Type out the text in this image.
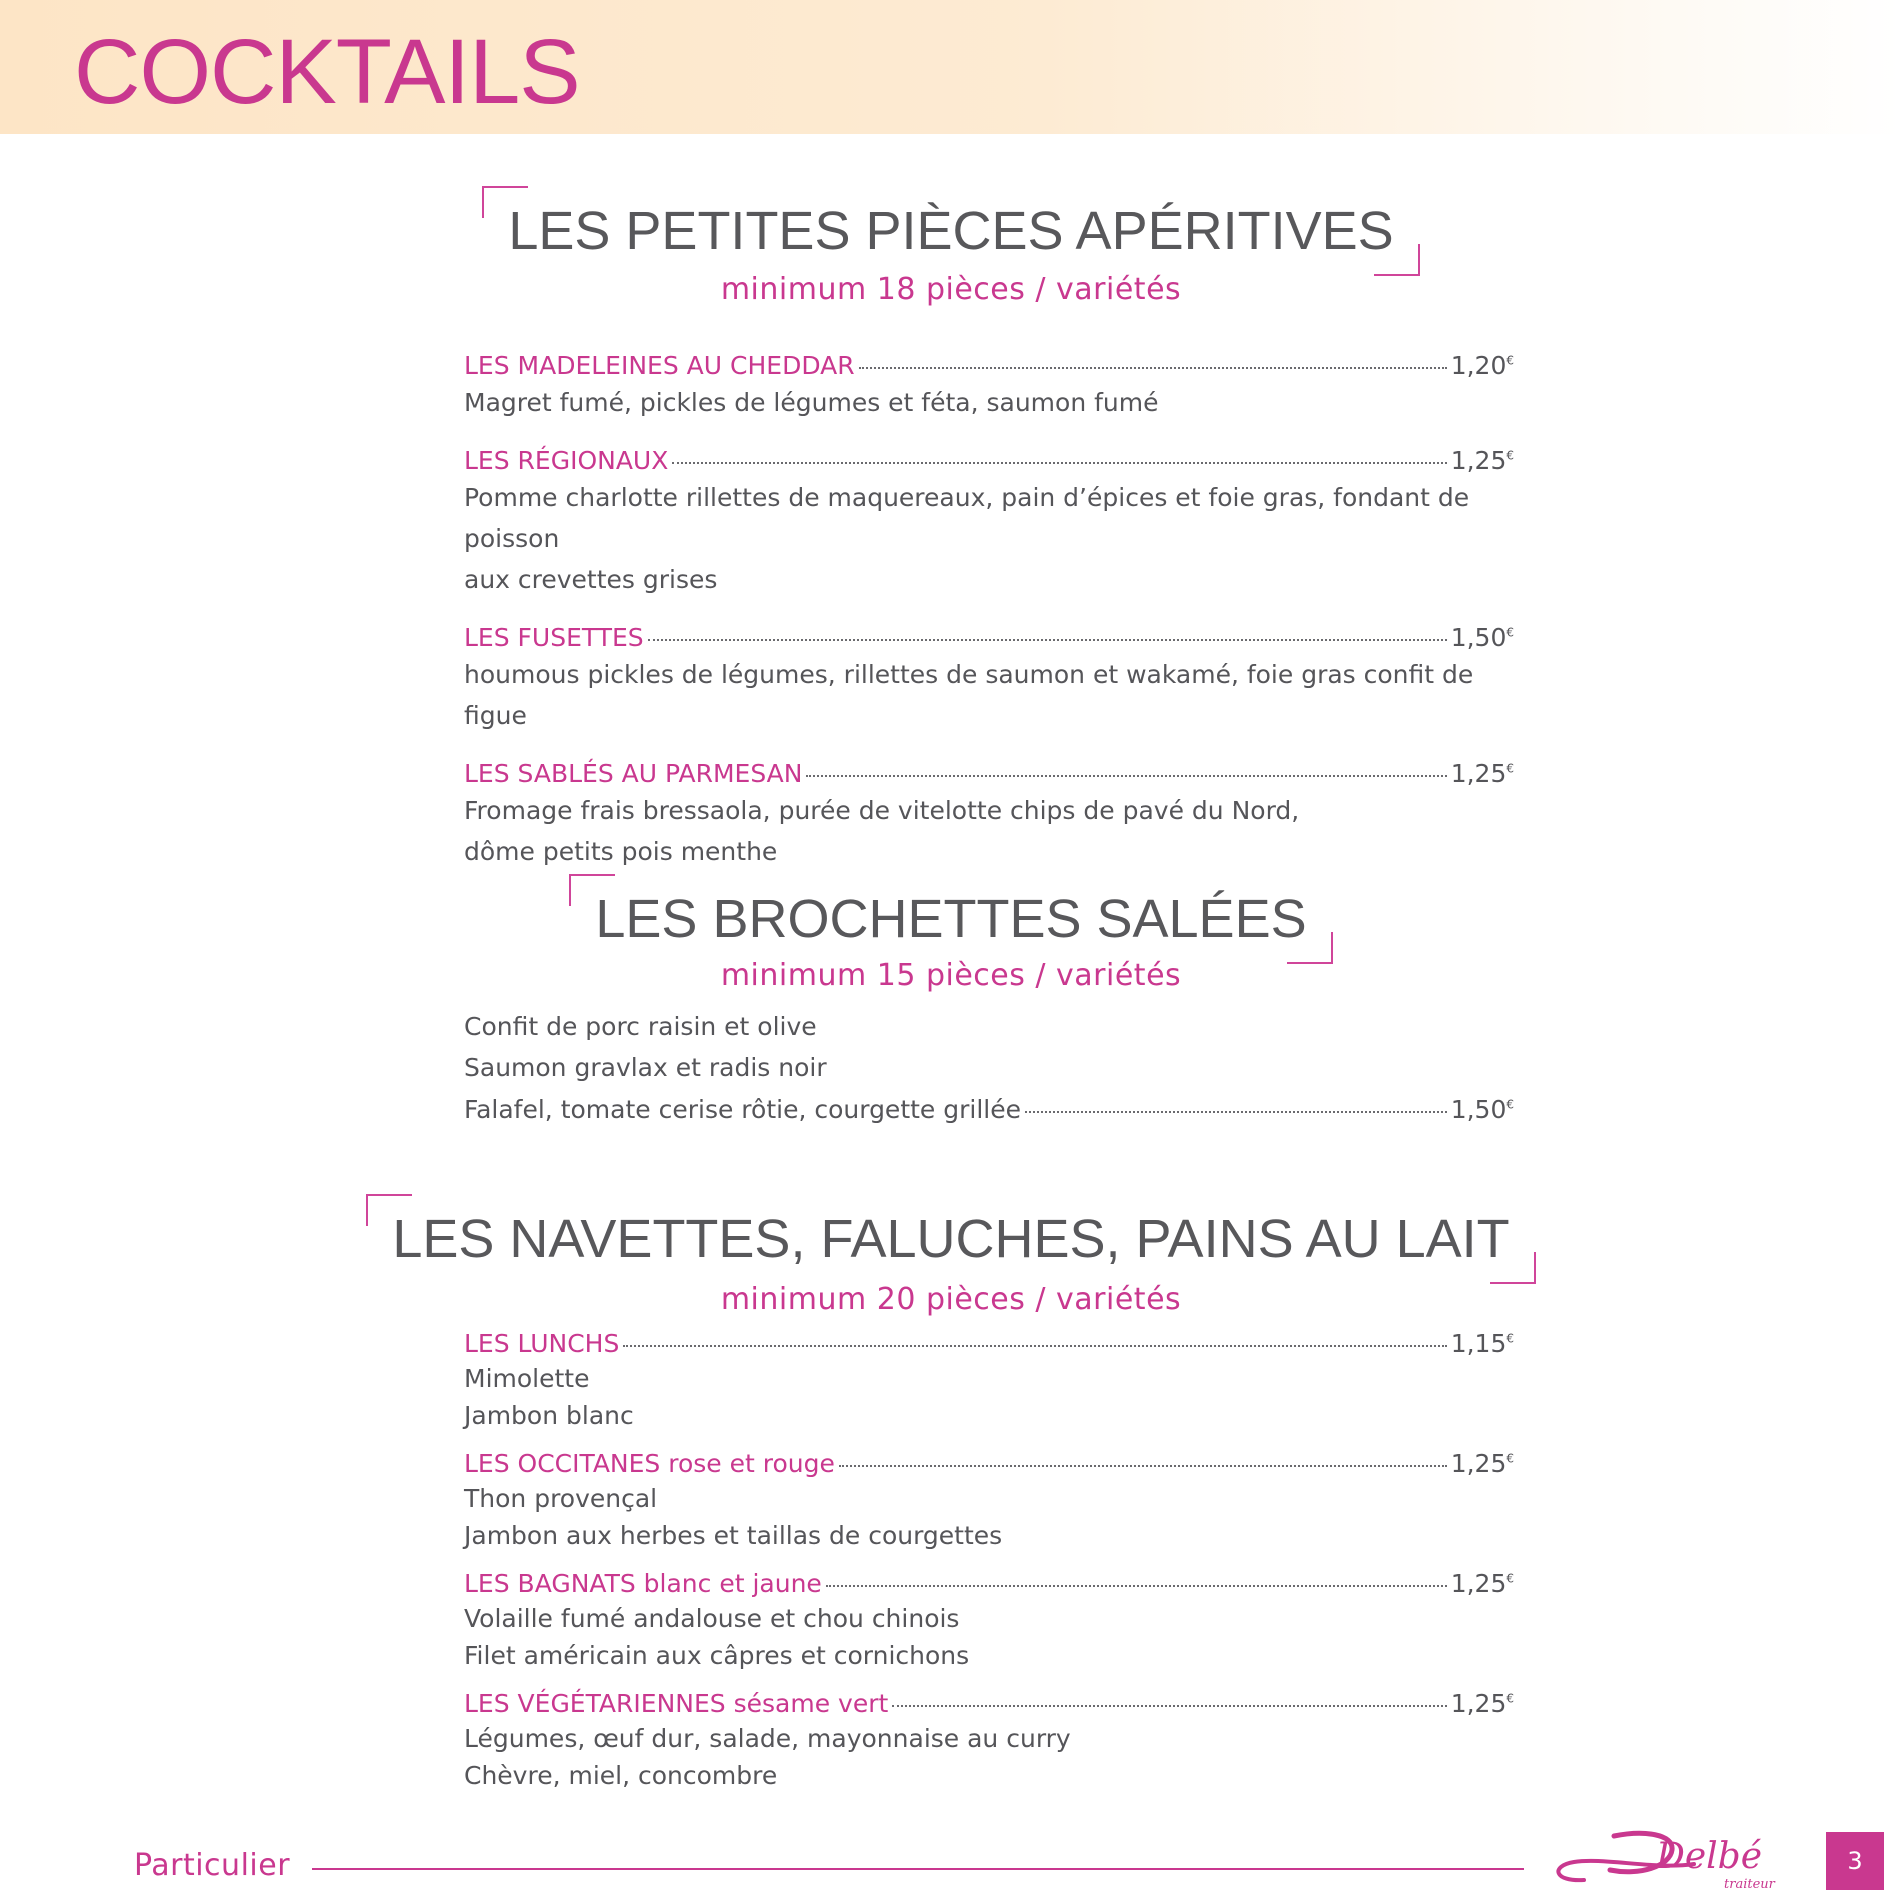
COCKTAILS
LES PETITES PIÈCES APÉRITIVES
minimum 18 pièces / variétés
LES MADELEINES AU CHEDDAR	1,20€
Magret fumé, pickles de légumes et féta, saumon fumé
LES RÉGIONAUX	1,25€
Pomme charlotte rillettes de maquereaux, pain d’épices et foie gras, fondant de poisson
aux crevettes grises
LES FUSETTES	1,50€
houmous pickles de légumes, rillettes de saumon et wakamé, foie gras confit de figue
LES SABLÉS AU PARMESAN	1,25€
Fromage frais bressaola, purée de vitelotte chips de pavé du Nord,
dôme petits pois menthe
LES BROCHETTES SALÉES
minimum 15 pièces / variétés
Confit de porc raisin et olive
Saumon gravlax et radis noir
Falafel, tomate cerise rôtie, courgette grillée	1,50€
LES NAVETTES, FALUCHES, PAINS AU LAIT
minimum 20 pièces / variétés
LES LUNCHS	1,15€
Mimolette
Jambon blanc
LES OCCITANES rose et rouge	1,25€
Thon provençal
Jambon aux herbes et taillas de courgettes
LES BAGNATS blanc et jaune	1,25€
Volaille fumé andalouse et chou chinois
Filet américain aux câpres et cornichons
LES VÉGÉTARIENNES sésame vert	1,25€
Légumes, œuf dur, salade, mayonnaise au curry
Chèvre, miel, concombre
Particulier	Delbé
traiteur
3
